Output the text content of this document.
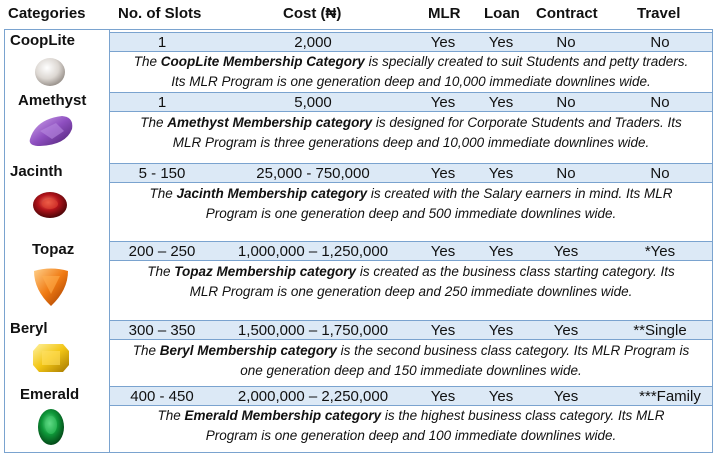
Categories No. of Slots	Cost (₦)	MLR Loan Contract	Travel
CoopLite	1	2,000	Yes Yes	No	No
The CoopLite Membership Category is specially created to suit Students and petty traders.
Its MLR Program is one generation deep and 10,000 immediate downlines wide.
Amethyst	1	5,000	Yes Yes	No	No
The Amethyst Membership category is designed for Corporate Students and Traders. Its
MLR Program is three generations deep and 10,000 immediate downlines wide.
Jacinth	5 - 150	25,000 - 750,000	Yes Yes	No	No
The Jacinth Membership category is created with the Salary earners in mind. Its MLR
Program is one generation deep and 500 immediate downlines wide.
Topaz	200 – 250	1,000,000 – 1,250,000	Yes Yes	Yes	*Yes
The Topaz Membership category is created as the business class starting category. Its
MLR Program is one generation deep and 250 immediate downlines wide.
Beryl	300 – 350	1,500,000 – 1,750,000	Yes Yes	Yes	**Single
The Beryl Membership category is the second business class category. Its MLR Program is
one generation deep and 150 immediate downlines wide.
Emerald	400 - 450	2,000,000 – 2,250,000	Yes Yes	Yes	***Family
The Emerald Membership category is the highest business class category. Its MLR
Program is one generation deep and 100 immediate downlines wide.
